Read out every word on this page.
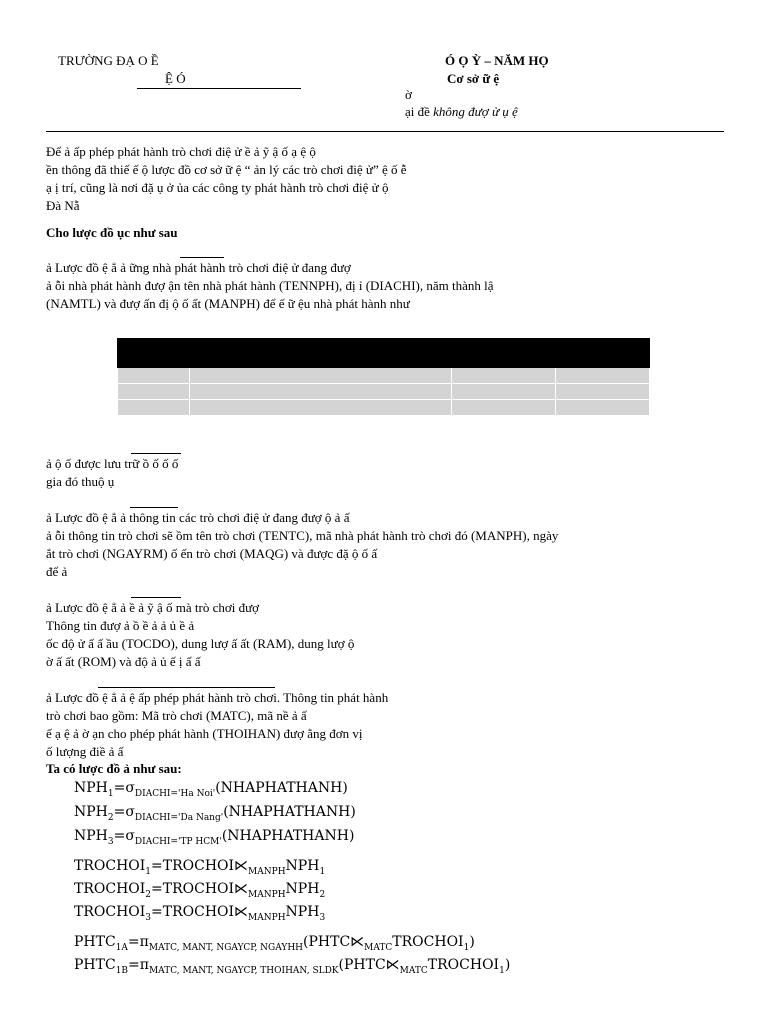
TRƯỜNG ĐẠ O Ề
Ệ Ó
Ó Ọ Ỳ – NĂM HỌ
Cơ sở ữ ệ
ờ
ại đề không đượ ử ụ ệ
Để ả ấp phép phát hành trò chơi điệ ử ề ả ỹ ậ ố ạ ệ ộ
ền thông đã thiế ế ộ lược đồ cơ sở ữ ệ “ ản lý các trò chơi điệ ử” ệ ố ễ
ạ ị trí, cũng là nơi đặ ụ ở ủa các công ty phát hành trò chơi điệ ử ộ
Đà Nẵ
Cho lược đồ ục như sau
ả Lược đồ ệ ẳ ả ững nhà phát hành trò chơi điệ ử đang đượ
ả ỗi nhà phát hành đượ ận tên nhà phát hành (TENNPH), đị ỉ (DIACHI), năm thành lậ
(NAMTL) và đượ ấn đị ộ ố ất (MANPH) để ế ữ ệu nhà phát hành như

ả ộ ố được lưu trữ ồ ố ố ố
gia đó thuộ ụ
ả Lược đồ ệ ẳ ả thông tin các trò chơi điệ ử đang đượ ộ ả ấ
ả ỗi thông tin trò chơi sẽ ồm tên trò chơi (TENTC), mã nhà phát hành trò chơi đó (MANPH), ngày
ắt trò chơi (NGAYRM) ố ến trò chơi (MAQG) và được đặ ộ ố ấ
để ả
ả Lược đồ ệ ẳ ả ề ả ỹ ậ ố mà trò chơi đượ
Thông tin đượ ả ồ ề ả ả ủ ề ả
ốc độ ử ấ ấ ầu (TOCDO), dung lượ ấ ất (RAM), dung lượ ộ
ờ ấ ất (ROM) và độ ả ủ ế ị ấ ấ
ả Lược đồ ệ ẳ ả ệ ấp phép phát hành trò chơi. Thông tin phát hành
trò chơi bao gồm: Mã trò chơi (MATC), mã nề ả ấ
ế ạ ệ ả ờ ạn cho phép phát hành (THOIHAN) đượ ằng đơn vị
ố lượng điề ả ấ
Ta có lược đồ ả như sau:
$NPH_1=\sigma_{DIACHI='Ha Noi'}(NHAPHATHANH)$
$NPH_2=\sigma_{DIACHI='Da Nang'}(NHAPHATHANH)$
$NPH_3=\sigma_{DIACHI='TP HCM'}(NHAPHATHANH)$
$TROCHOI_1=TROCHOI⋉_{MANPH}NPH_1$
$TROCHOI_2=TROCHOI⋉_{MANPH}NPH_2$
$TROCHOI_3=TROCHOI⋉_{MANPH}NPH_3$
$PHTC_{1A}=\pi_{MATC, MANT, NGAYCP, NGAYHH}(PHTC⋉_{MATC}TROCHOI_1)$
$PHTC_{1B}=\pi_{MATC, MANT, NGAYCP, THOIHAN, SLDK}(PHTC⋉_{MATC}TROCHOI_1)$
